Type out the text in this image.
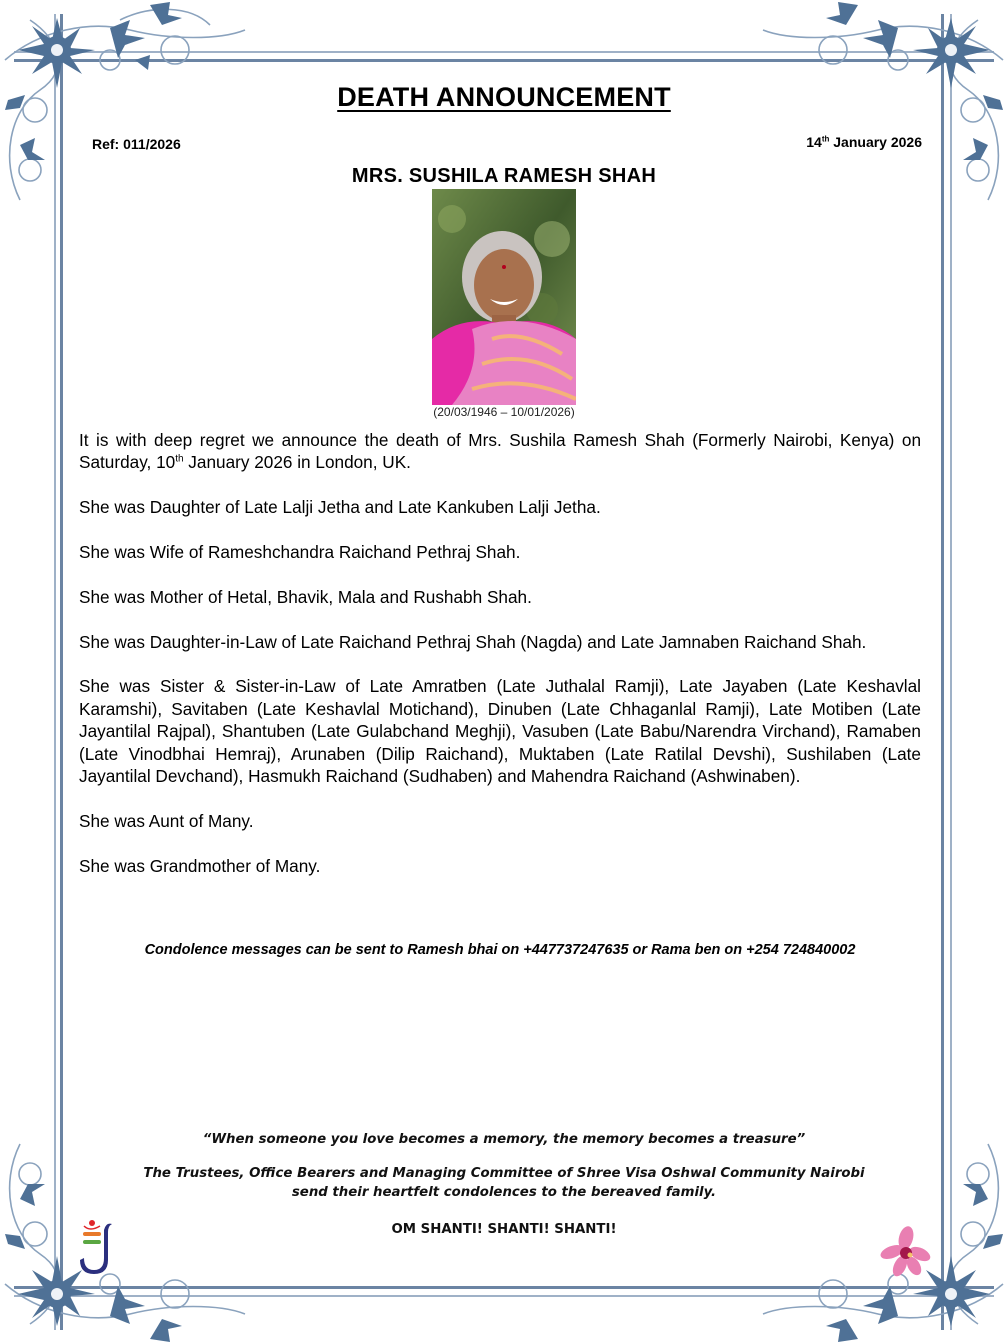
DEATH ANNOUNCEMENT
Ref: 011/2026	14th January 2026
MRS. SUSHILA RAMESH SHAH
(20/03/1946 – 10/01/2026)

It is with deep regret we announce the death of Mrs. Sushila Ramesh Shah (Formerly Nairobi, Kenya) on Saturday, 10th January 2026 in London, UK.

She was Daughter of Late Lalji Jetha and Late Kankuben Lalji Jetha.

She was Wife of Rameshchandra Raichand Pethraj Shah.

She was Mother of Hetal, Bhavik, Mala and Rushabh Shah.

She was Daughter-in-Law of Late Raichand Pethraj Shah (Nagda) and Late Jamnaben Raichand Shah.

She was Sister & Sister-in-Law of Late Amratben (Late Juthalal Ramji), Late Jayaben (Late Keshavlal Karamshi), Savitaben (Late Keshavlal Motichand), Dinuben (Late Chhaganlal Ramji), Late Motiben (Late Jayantilal Rajpal), Shantuben (Late Gulabchand Meghji), Vasuben (Late Babu/Narendra Virchand), Ramaben (Late Vinodbhai Hemraj), Arunaben (Dilip Raichand), Muktaben (Late Ratilal Devshi), Sushilaben (Late Jayantilal Devchand), Hasmukh Raichand (Sudhaben) and Mahendra Raichand (Ashwinaben).

She was Aunt of Many.

She was Grandmother of Many.

Condolence messages can be sent to Ramesh bhai on +447737247635 or Rama ben on +254 724840002
“When someone you love becomes a memory, the memory becomes a treasure”
The Trustees, Office Bearers and Managing Committee of Shree Visa Oshwal Community Nairobi
send their heartfelt condolences to the bereaved family.
OM SHANTI! SHANTI! SHANTI!
